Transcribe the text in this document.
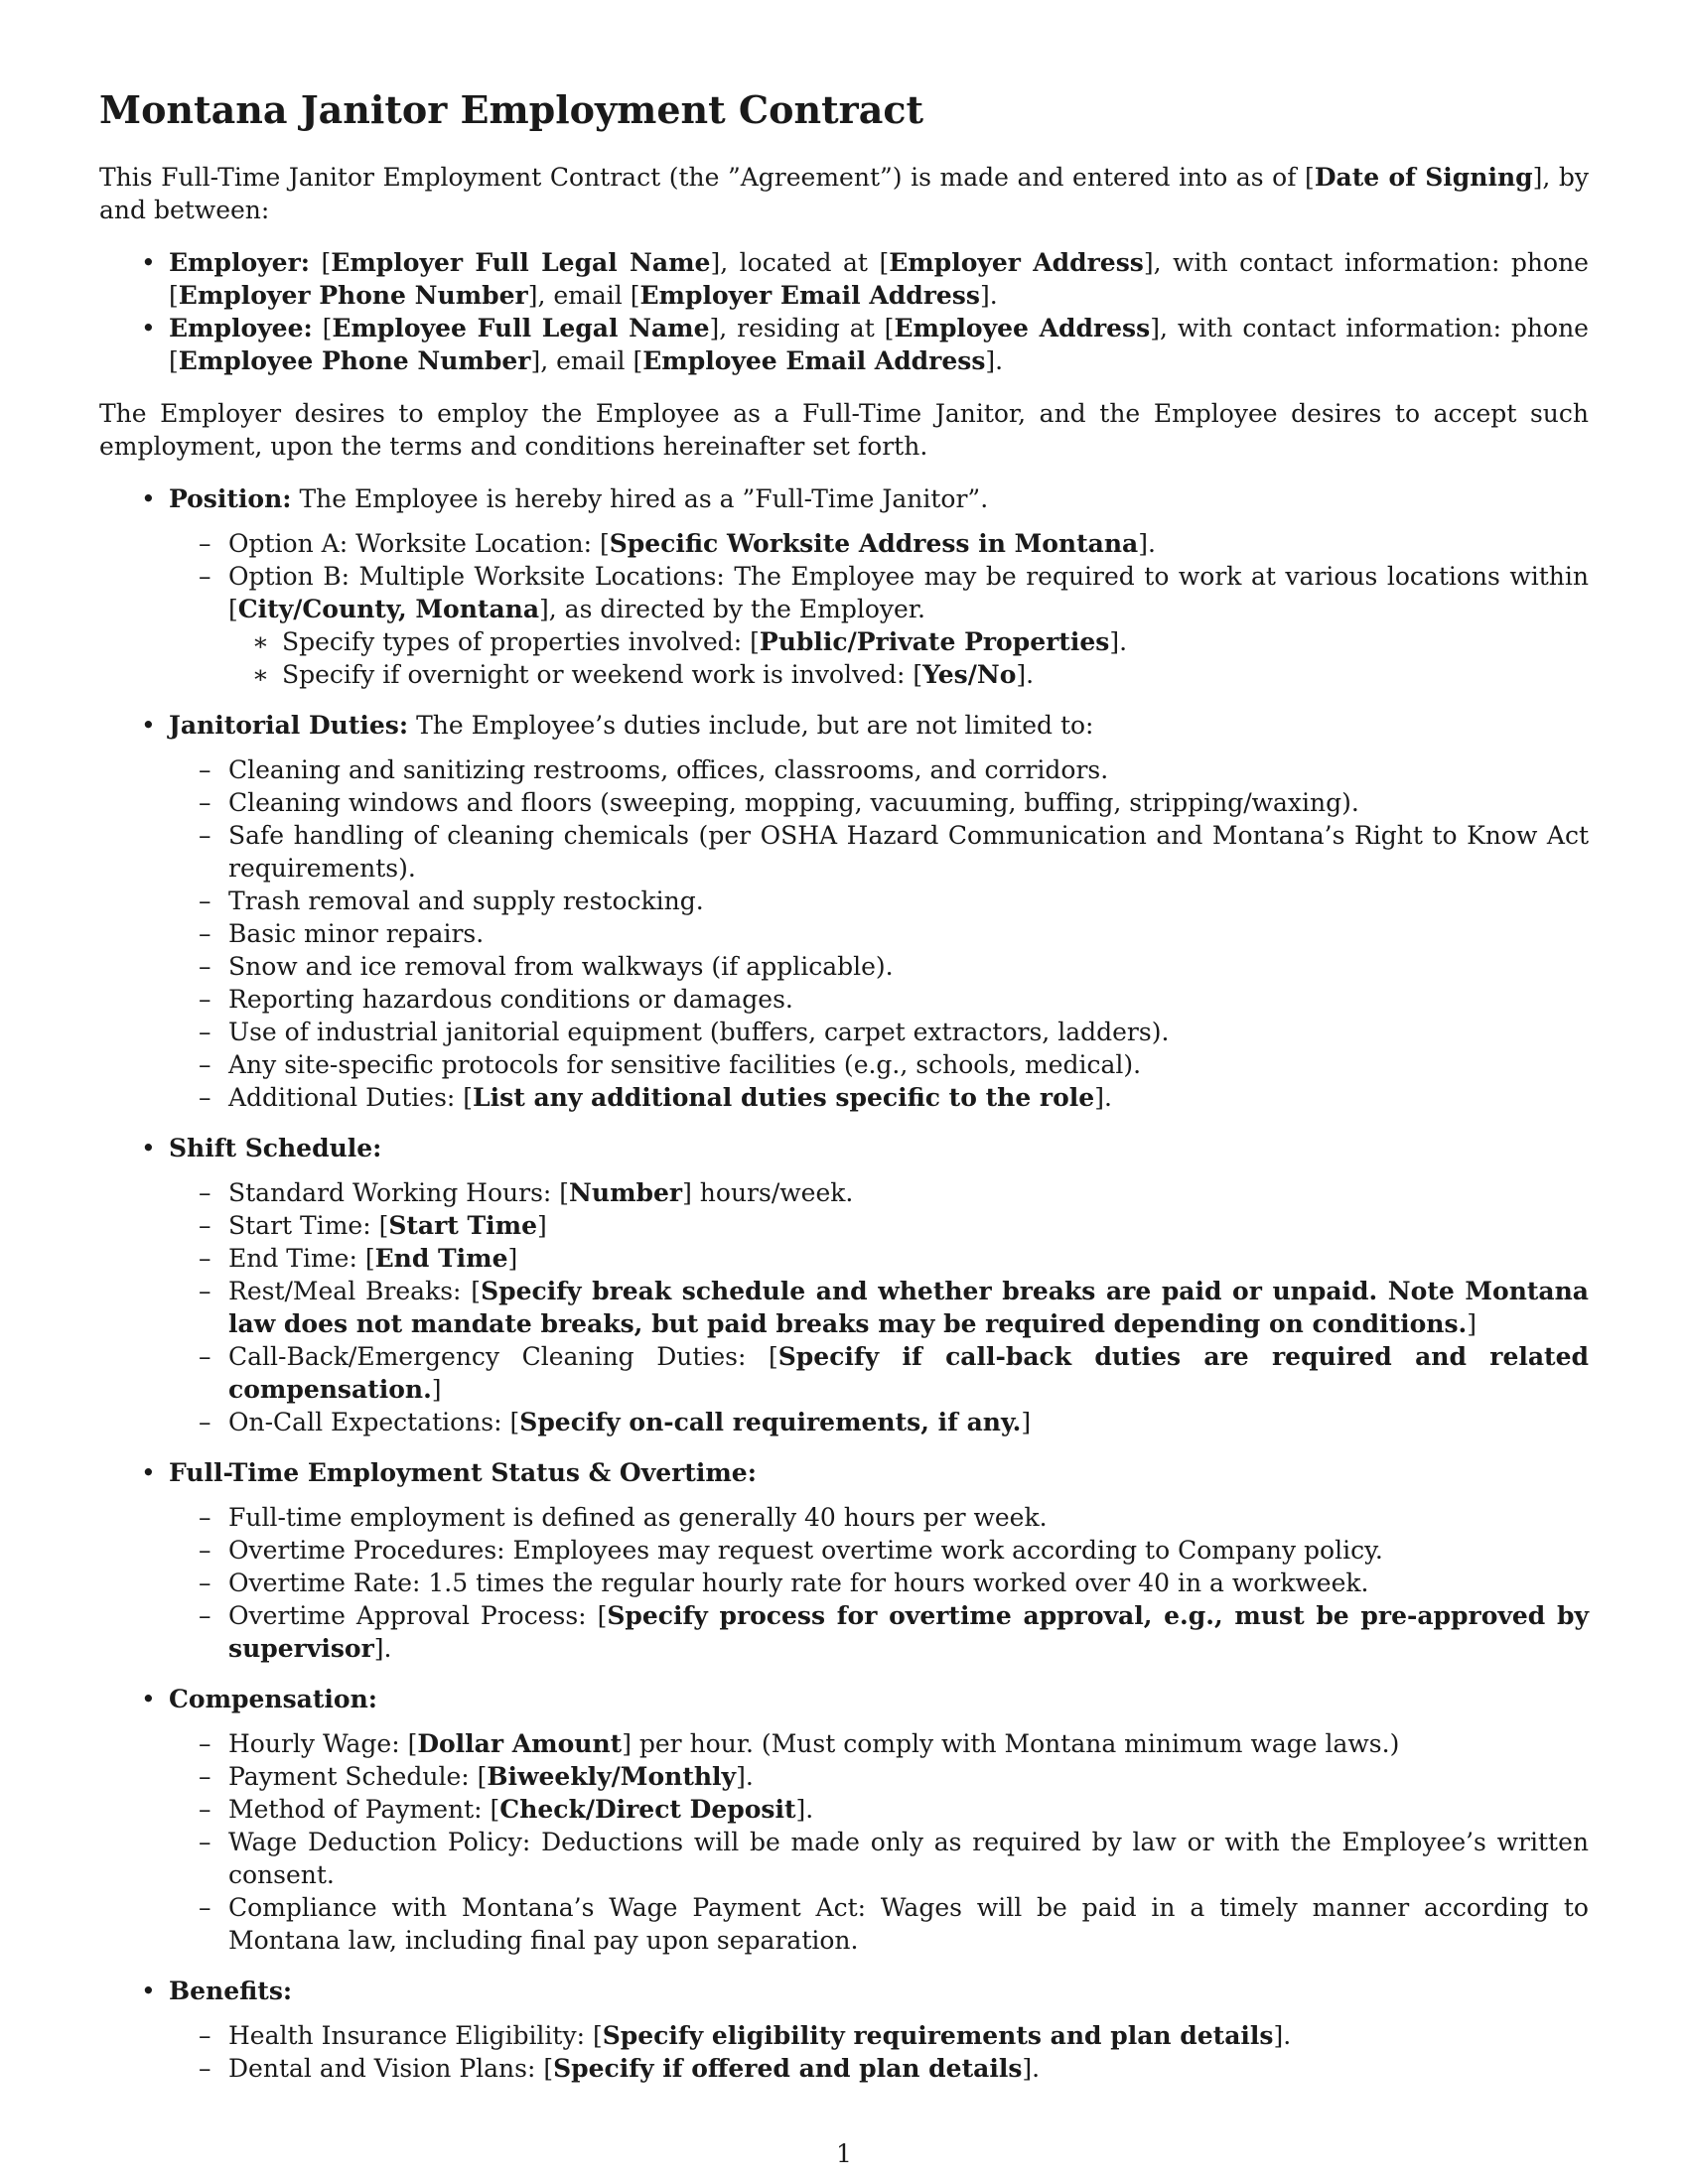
Montana Janitor Employment Contract

This Full-Time Janitor Employment Contract (the ”Agreement”) is made and entered into as of [Date of Signing], by and between:

• Employer: [Employer Full Legal Name], located at [Employer Address], with contact information: phone [Employer Phone Number], email [Employer Email Address].
• Employee: [Employee Full Legal Name], residing at [Employee Address], with contact information: phone [Employee Phone Number], email [Employee Email Address].

The Employer desires to employ the Employee as a Full-Time Janitor, and the Employee desires to accept such employment, upon the terms and conditions hereinafter set forth.

• Position: The Employee is hereby hired as a ”Full-Time Janitor”.
– Option A: Worksite Location: [Specific Worksite Address in Montana].
– Option B: Multiple Worksite Locations: The Employee may be required to work at various locations within [City/County, Montana], as directed by the Employer.
∗ Specify types of properties involved: [Public/Private Properties].
∗ Specify if overnight or weekend work is involved: [Yes/No].
• Janitorial Duties: The Employee’s duties include, but are not limited to:
– Cleaning and sanitizing restrooms, offices, classrooms, and corridors.
– Cleaning windows and floors (sweeping, mopping, vacuuming, buffing, stripping/waxing).
– Safe handling of cleaning chemicals (per OSHA Hazard Communication and Montana’s Right to Know Act requirements).
– Trash removal and supply restocking.
– Basic minor repairs.
– Snow and ice removal from walkways (if applicable).
– Reporting hazardous conditions or damages.
– Use of industrial janitorial equipment (buffers, carpet extractors, ladders).
– Any site-specific protocols for sensitive facilities (e.g., schools, medical).
– Additional Duties: [List any additional duties specific to the role].
• Shift Schedule:
– Standard Working Hours: [Number] hours/week.
– Start Time: [Start Time]
– End Time: [End Time]
– Rest/Meal Breaks: [Specify break schedule and whether breaks are paid or unpaid. Note Montana law does not mandate breaks, but paid breaks may be required depending on conditions.]
– Call-Back/Emergency Cleaning Duties: [Specify if call-back duties are required and related compensation.]
– On-Call Expectations: [Specify on-call requirements, if any.]
• Full-Time Employment Status & Overtime:
– Full-time employment is defined as generally 40 hours per week.
– Overtime Procedures: Employees may request overtime work according to Company policy.
– Overtime Rate: 1.5 times the regular hourly rate for hours worked over 40 in a workweek.
– Overtime Approval Process: [Specify process for overtime approval, e.g., must be pre-approved by supervisor].
• Compensation:
– Hourly Wage: [Dollar Amount] per hour. (Must comply with Montana minimum wage laws.)
– Payment Schedule: [Biweekly/Monthly].
– Method of Payment: [Check/Direct Deposit].
– Wage Deduction Policy: Deductions will be made only as required by law or with the Employee’s written consent.
– Compliance with Montana’s Wage Payment Act: Wages will be paid in a timely manner according to Montana law, including final pay upon separation.
• Benefits:
– Health Insurance Eligibility: [Specify eligibility requirements and plan details].
– Dental and Vision Plans: [Specify if offered and plan details].
1
